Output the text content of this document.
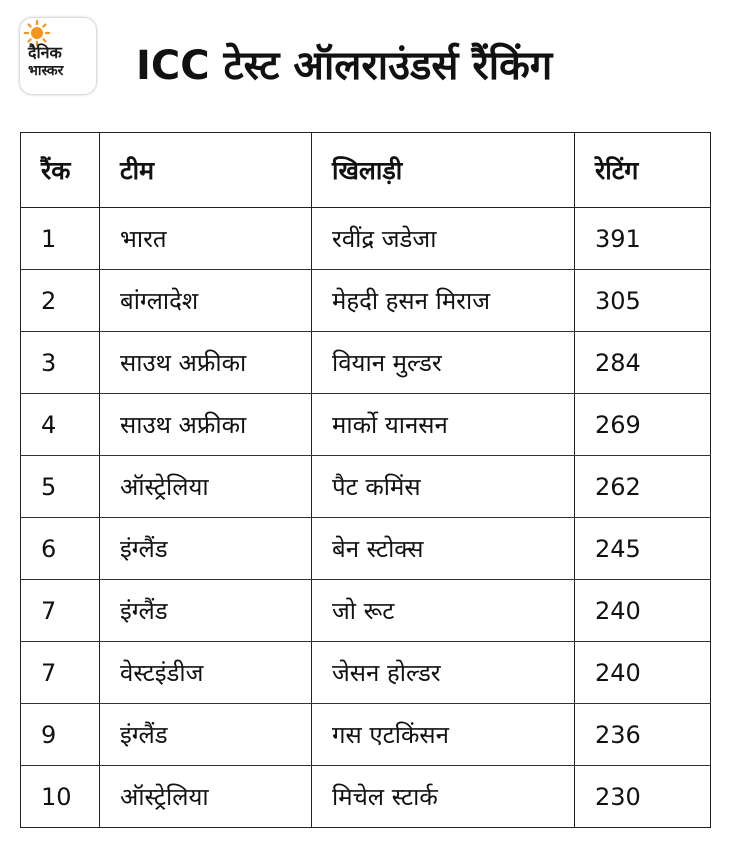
दैनिक
भास्कर ICC टेस्ट ऑलराउंडर्स रैंकिंग
रैंक	टीम	खिलाड़ी	रेटिंग
1	भारत	रवींद्र जडेजा	391
2	बांग्लादेश	मेहदी हसन मिराज	305
3	साउथ अफ्रीका	वियान मुल्डर	284
4	साउथ अफ्रीका	मार्को यानसन	269
5	ऑस्ट्रेलिया	पैट कमिंस	262
6	इंग्लैंड	बेन स्टोक्स	245
7	इंग्लैंड	जो रूट	240
7	वेस्टइंडीज	जेसन होल्डर	240
9	इंग्लैंड	गस एटकिंसन	236
10	ऑस्ट्रेलिया	मिचेल स्टार्क	230
